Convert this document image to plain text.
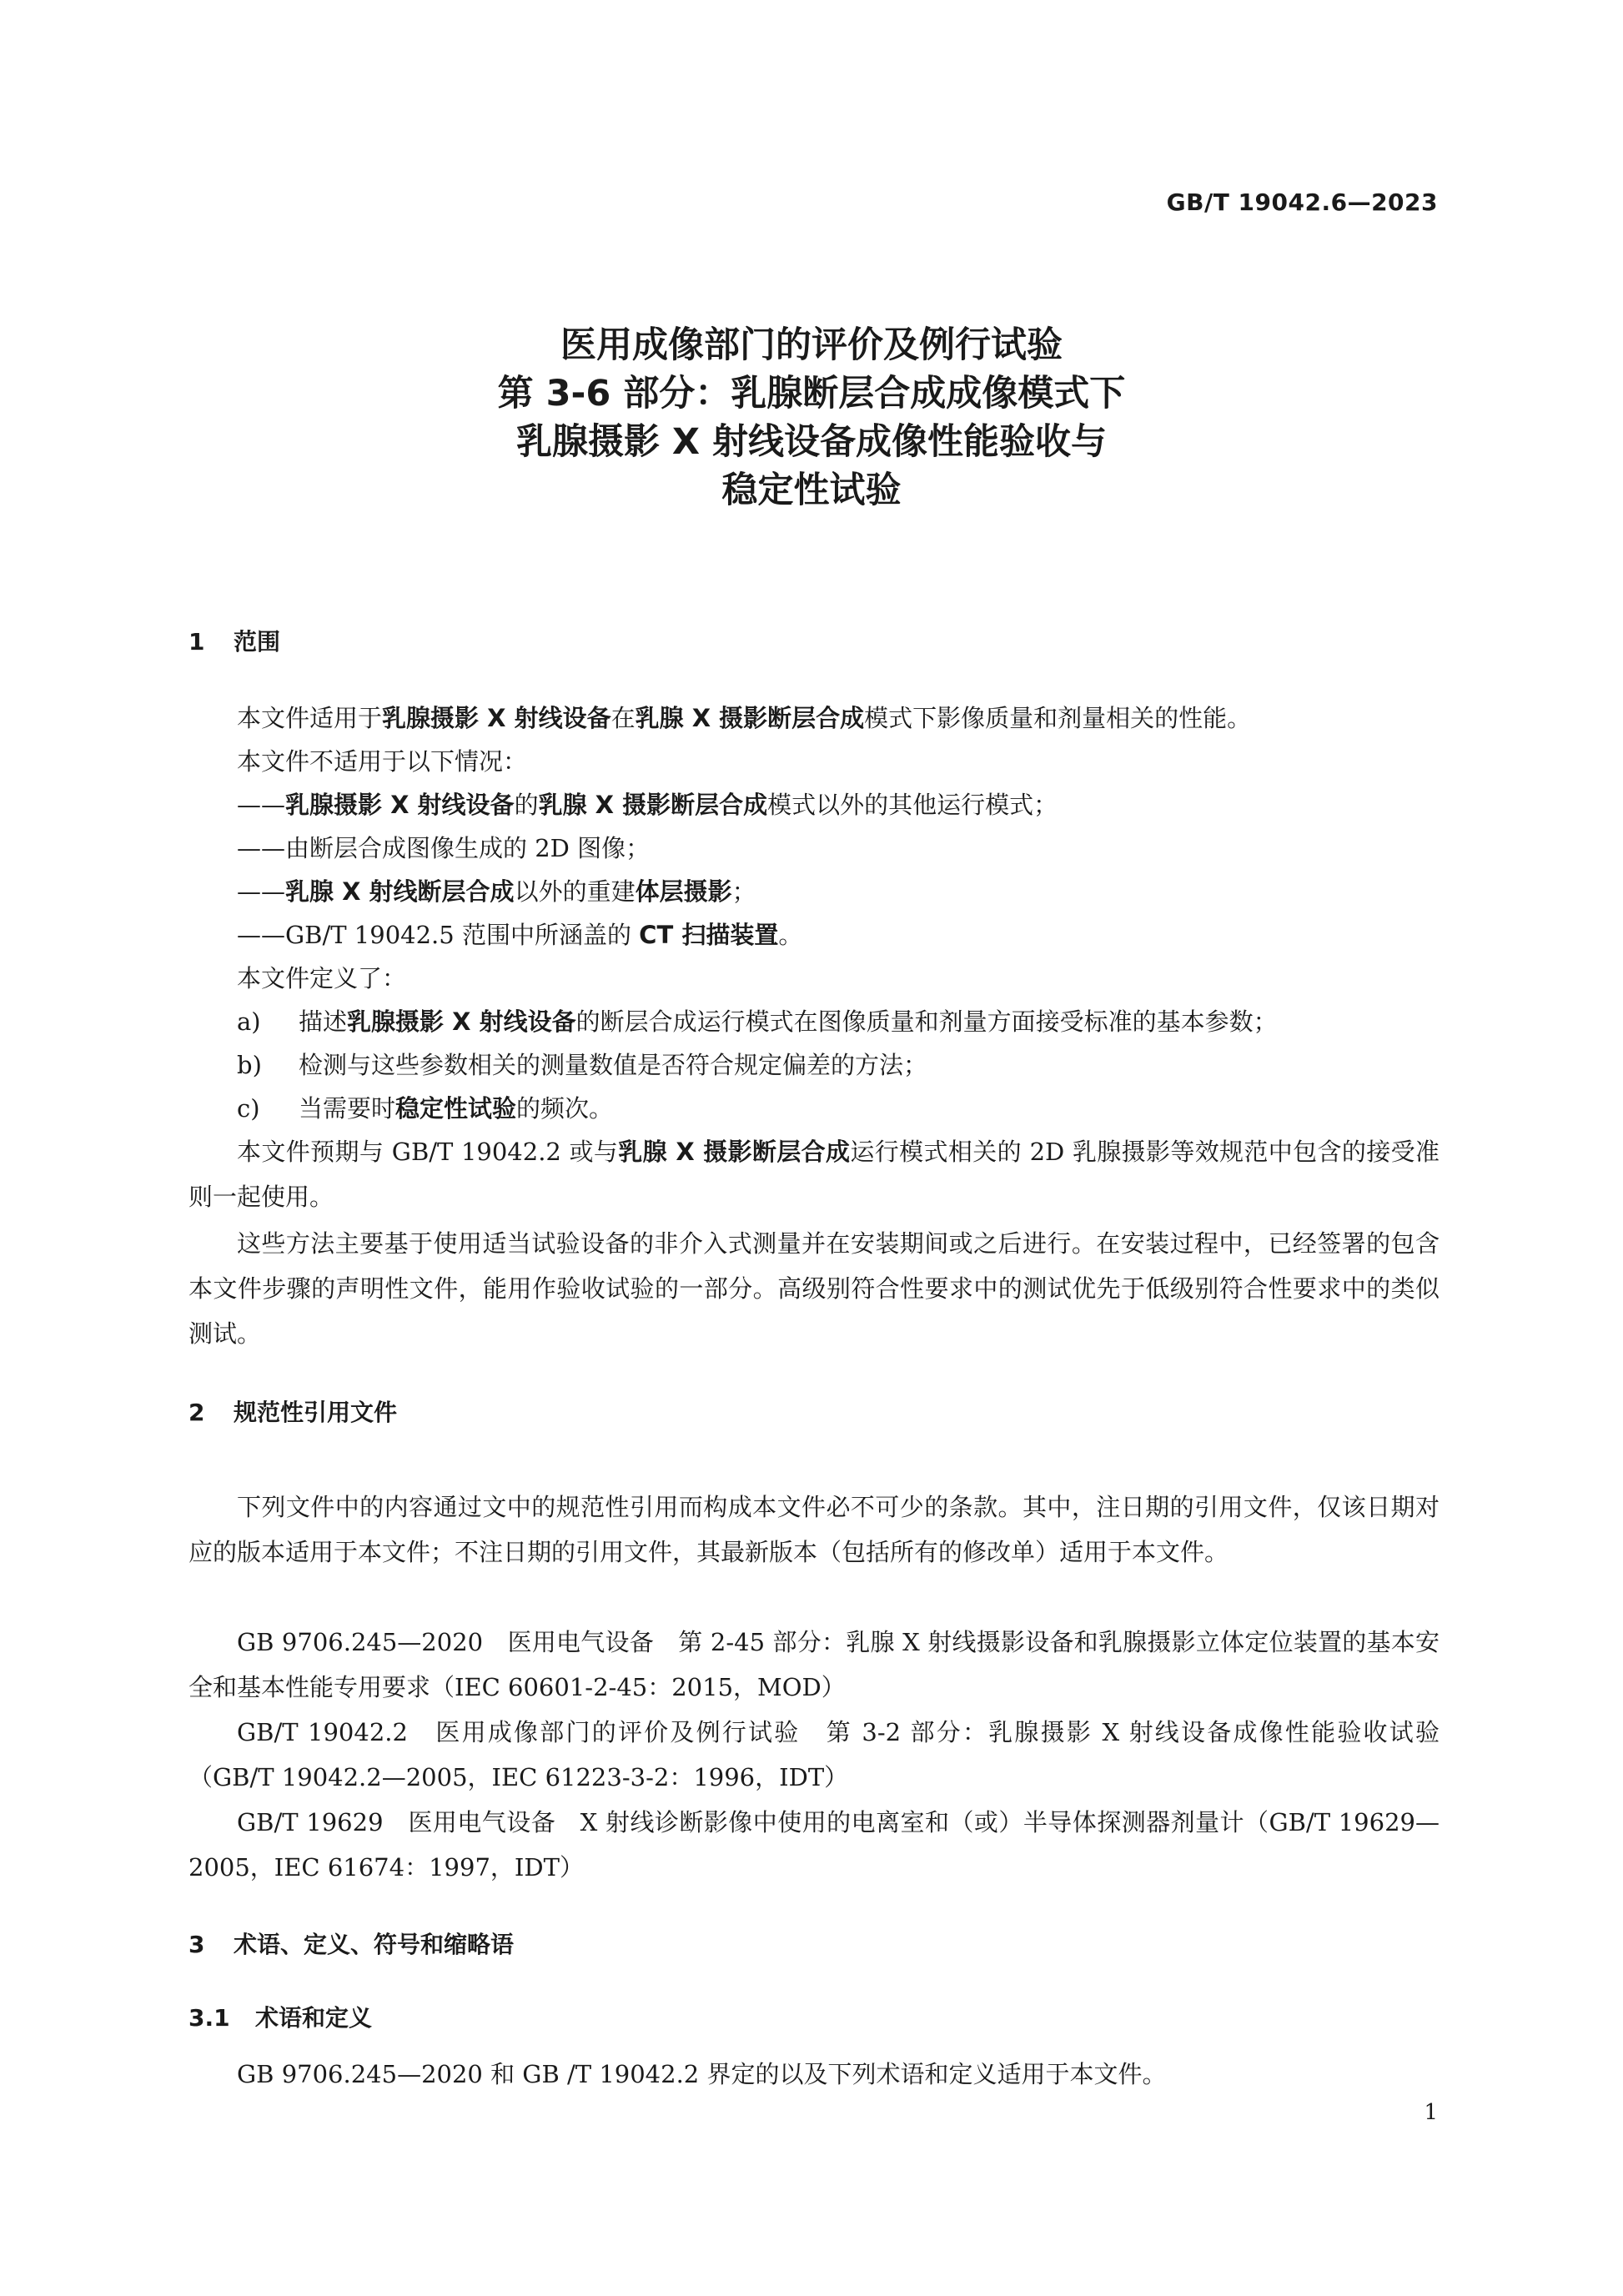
GB/T 19042.6—2023
医用成像部门的评价及例行试验
第 3-6 部分：乳腺断层合成成像模式下
乳腺摄影 X 射线设备成像性能验收与
稳定性试验
1 范围
本文件适用于乳腺摄影 X 射线设备在乳腺 X 摄影断层合成模式下影像质量和剂量相关的性能。
本文件不适用于以下情况：
——乳腺摄影 X 射线设备的乳腺 X 摄影断层合成模式以外的其他运行模式；
——由断层合成图像生成的 2D 图像；
——乳腺 X 射线断层合成以外的重建体层摄影；
——GB/T 19042.5 范围中所涵盖的 CT 扫描装置。
本文件定义了：
a) 描述乳腺摄影 X 射线设备的断层合成运行模式在图像质量和剂量方面接受标准的基本参数；
b) 检测与这些参数相关的测量数值是否符合规定偏差的方法；
c) 当需要时稳定性试验的频次。
本文件预期与 GB/T 19042.2 或与乳腺 X 摄影断层合成运行模式相关的 2D 乳腺摄影等效规范中包含的接受准则一起使用。
这些方法主要基于使用适当试验设备的非介入式测量并在安装期间或之后进行。在安装过程中，已经签署的包含本文件步骤的声明性文件，能用作验收试验的一部分。高级别符合性要求中的测试优先于低级别符合性要求中的类似测试。
2 规范性引用文件
下列文件中的内容通过文中的规范性引用而构成本文件必不可少的条款。其中，注日期的引用文件，仅该日期对应的版本适用于本文件；不注日期的引用文件，其最新版本（包括所有的修改单）适用于本文件。
GB 9706.245—2020　医用电气设备　第 2-45 部分：乳腺 X 射线摄影设备和乳腺摄影立体定位装置的基本安全和基本性能专用要求（IEC 60601-2-45：2015，MOD）
GB/T 19042.2　医用成像部门的评价及例行试验　第 3-2 部分：乳腺摄影 X 射线设备成像性能验收试验（GB/T 19042.2—2005，IEC 61223-3-2：1996，IDT）
GB/T 19629　医用电气设备　X 射线诊断影像中使用的电离室和（或）半导体探测器剂量计（GB/T 19629—2005，IEC 61674：1997，IDT）
3 术语、定义、符号和缩略语
3.1 术语和定义
GB 9706.245—2020 和 GB /T 19042.2 界定的以及下列术语和定义适用于本文件。
1
